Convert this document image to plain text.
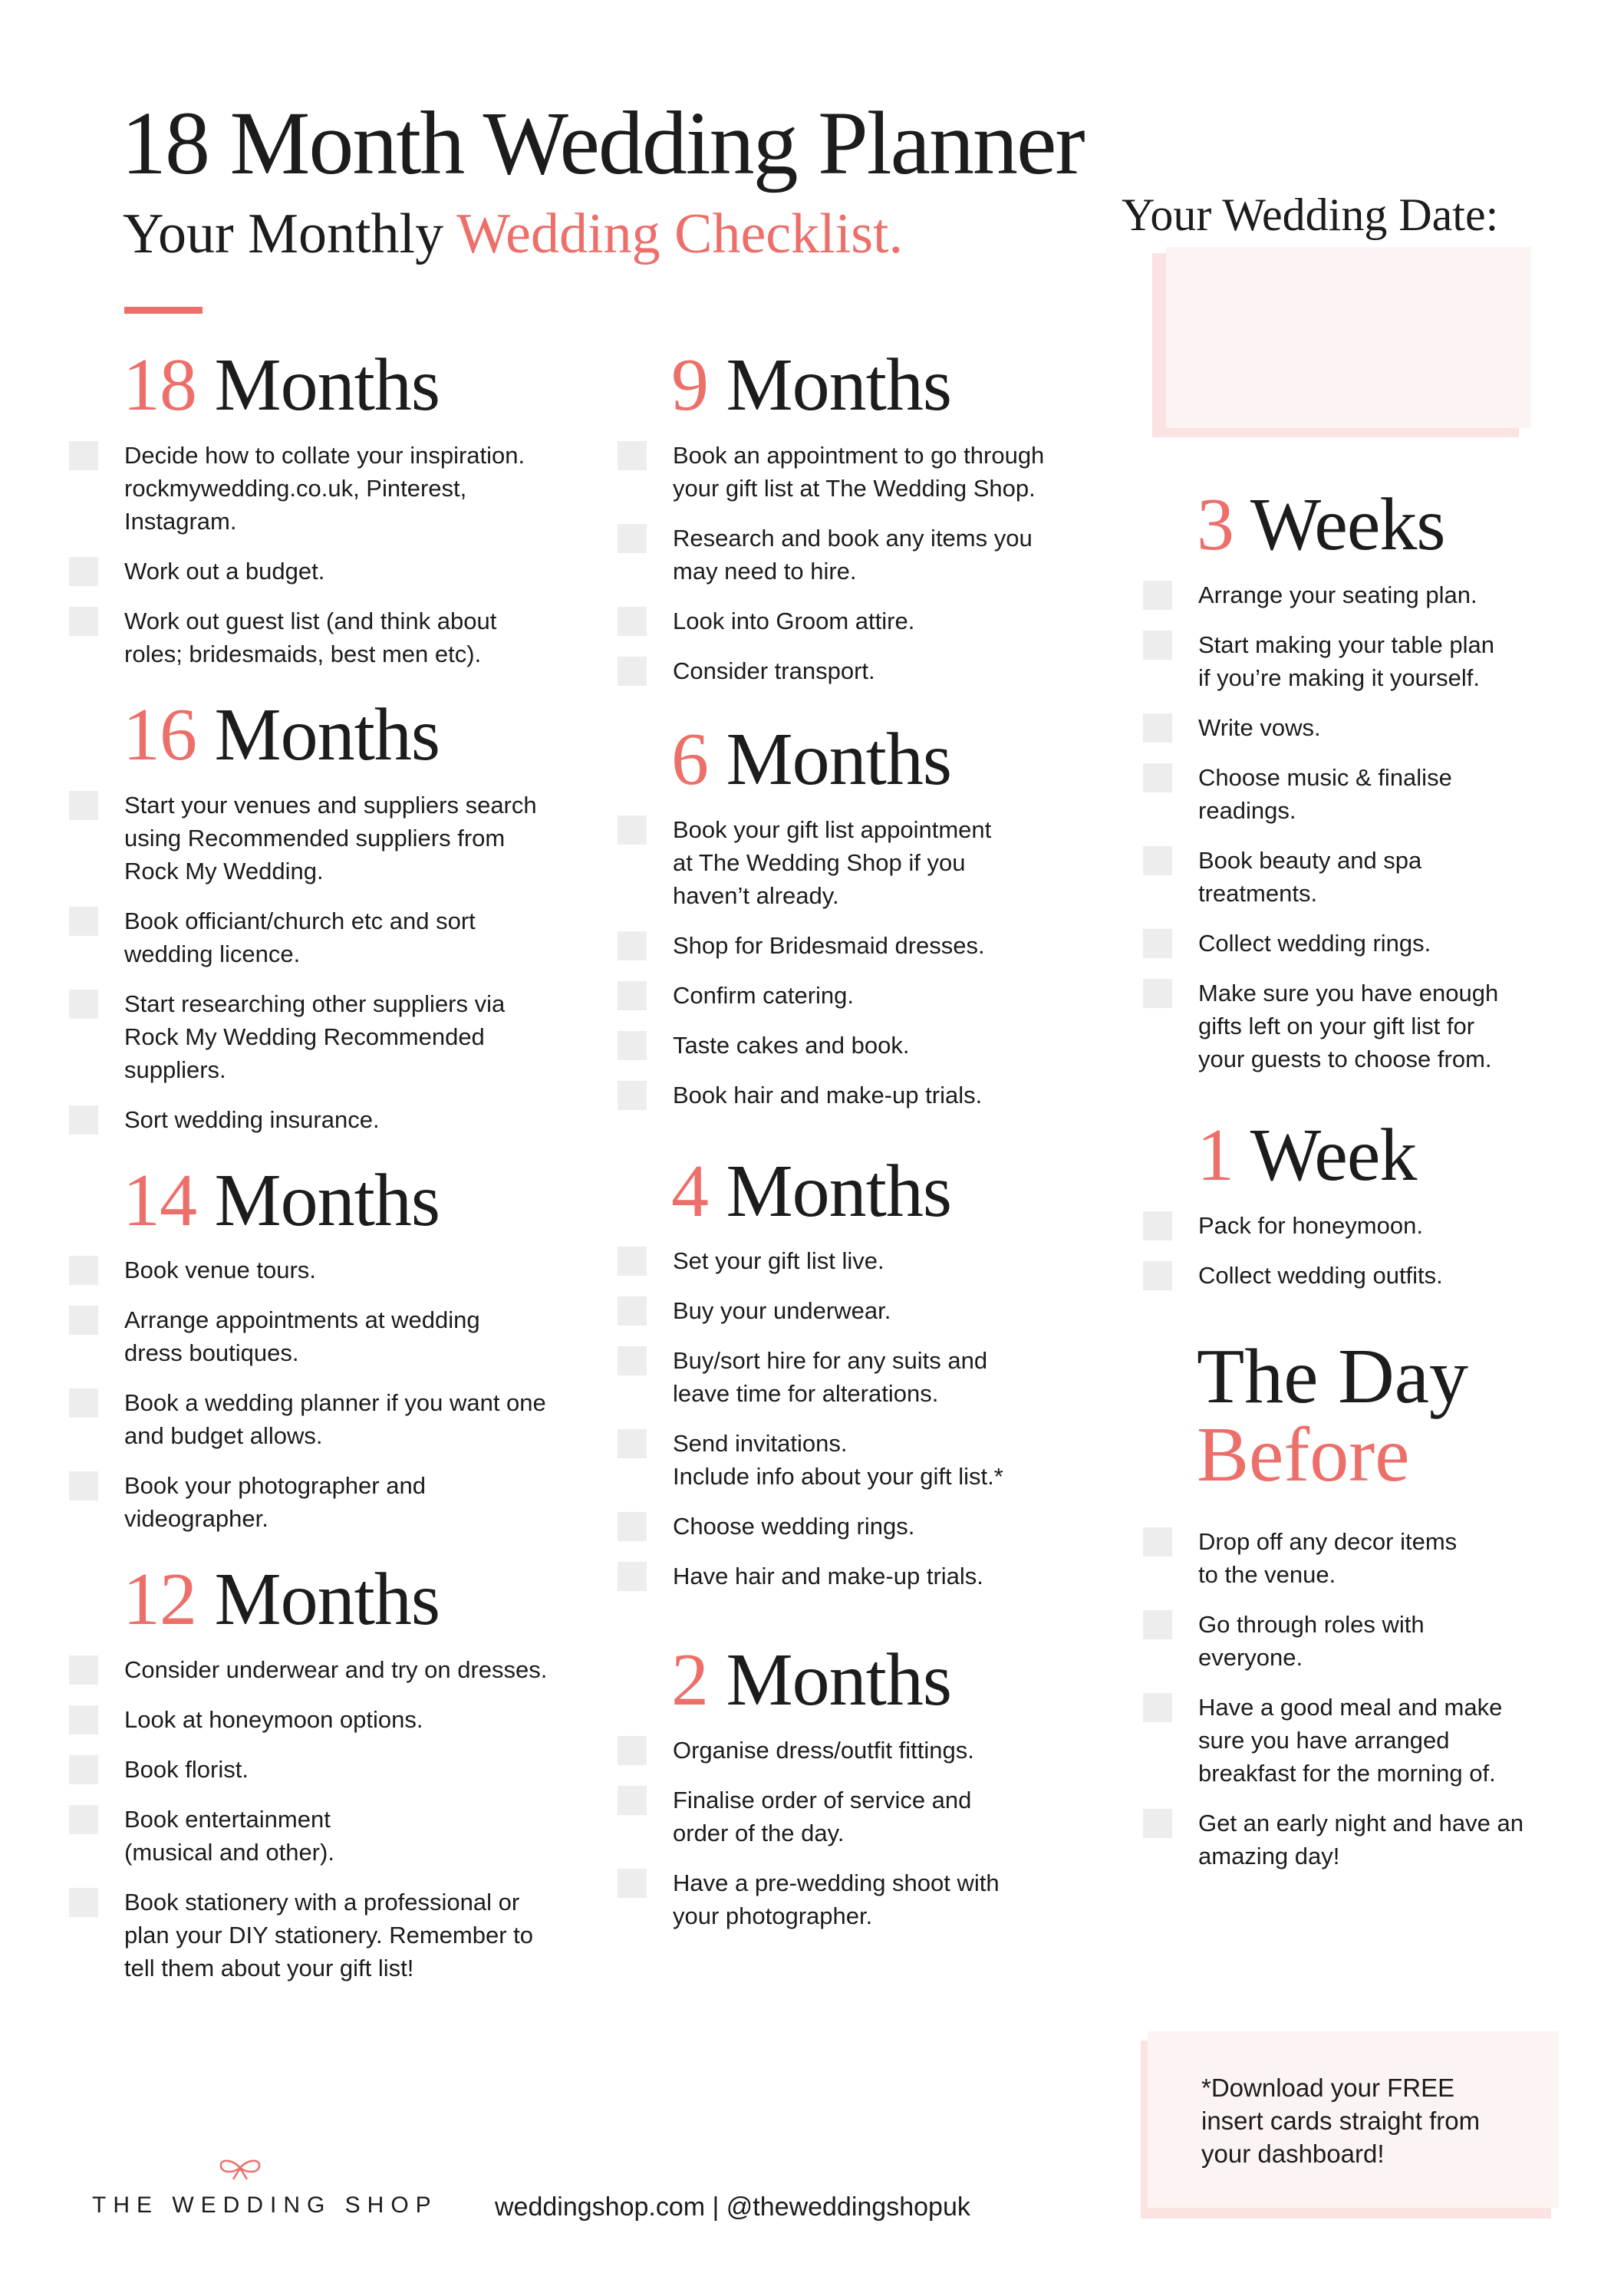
18 Month Wedding Planner
Your Monthly Wedding Checklist.	Your Wedding Date:
18 Months
Decide how to collate your inspiration.
rockmywedding.co.uk, Pinterest,
Instagram.
Work out a budget.
Work out guest list (and think about
roles; bridesmaids, best men etc).
16 Months
Start your venues and suppliers search
using Recommended suppliers from
Rock My Wedding.
Book officiant/church etc and sort
wedding licence.
Start researching other suppliers via
Rock My Wedding Recommended
suppliers.
Sort wedding insurance.
14 Months
Book venue tours.
Arrange appointments at wedding
dress boutiques.
Book a wedding planner if you want one
and budget allows.
Book your photographer and
videographer.
12 Months
Consider underwear and try on dresses.
Look at honeymoon options.
Book florist.
Book entertainment
(musical and other).
Book stationery with a professional or
plan your DIY stationery. Remember to
tell them about your gift list!
9 Months
Book an appointment to go through
your gift list at The Wedding Shop.
Research and book any items you
may need to hire.
Look into Groom attire.
Consider transport.
6 Months
Book your gift list appointment
at The Wedding Shop if you
haven’t already.
Shop for Bridesmaid dresses.
Confirm catering.
Taste cakes and book.
Book hair and make-up trials.
4 Months
Set your gift list live.
Buy your underwear.
Buy/sort hire for any suits and
leave time for alterations.
Send invitations.
Include info about your gift list.*
Choose wedding rings.
Have hair and make-up trials.
2 Months
Organise dress/outfit fittings.
Finalise order of service and
order of the day.
Have a pre-wedding shoot with
your photographer.
3 Weeks
Arrange your seating plan.
Start making your table plan
if you’re making it yourself.
Write vows.
Choose music & finalise
readings.
Book beauty and spa
treatments.
Collect wedding rings.
Make sure you have enough
gifts left on your gift list for
your guests to choose from.
1 Week
Pack for honeymoon.
Collect wedding outfits.
The Day
Before
Drop off any decor items
to the venue.
Go through roles with
everyone.
Have a good meal and make
sure you have arranged
breakfast for the morning of.
Get an early night and have an
amazing day!
*Download your FREE
insert cards straight from
your dashboard!
THE WEDDING SHOP weddingshop.com | @theweddingshopuk
